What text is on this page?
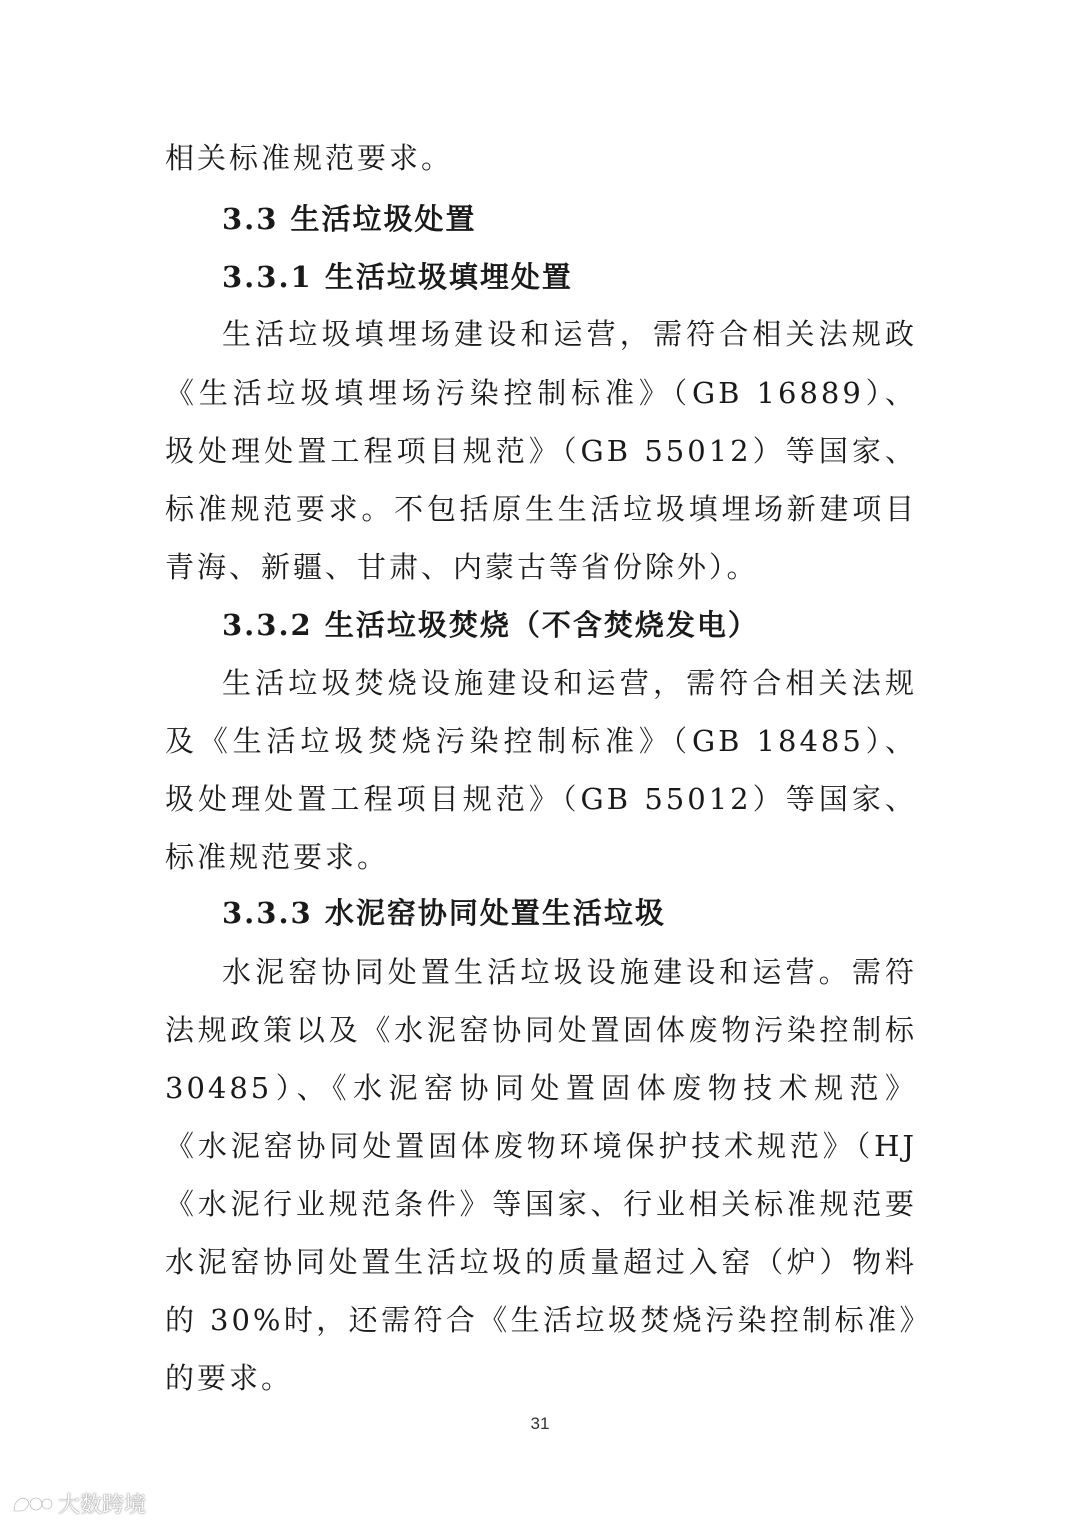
相关标准规范要求。
3.3 生活垃圾处置
3.3.1 生活垃圾填埋处置
生活垃圾填埋场建设和运营，需符合相关法规政
《生活垃圾填埋场污染控制标准》（GB 16889）、
圾处理处置工程项目规范》（GB 55012）等国家、
标准规范要求。不包括原生生活垃圾填埋场新建项目
青海、新疆、甘肃、内蒙古等省份除外）。
3.3.2 生活垃圾焚烧（不含焚烧发电）
生活垃圾焚烧设施建设和运营，需符合相关法规
及《生活垃圾焚烧污染控制标准》（GB 18485）、
圾处理处置工程项目规范》（GB 55012）等国家、
标准规范要求。
3.3.3 水泥窑协同处置生活垃圾
水泥窑协同处置生活垃圾设施建设和运营。需符
法规政策以及《水泥窑协同处置固体废物污染控制标
30485）、《水泥窑协同处置固体废物技术规范》
《水泥窑协同处置固体废物环境保护技术规范》（HJ
《水泥行业规范条件》等国家、行业相关标准规范要
水泥窑协同处置生活垃圾的质量超过入窑（炉）物料
的 30%时，还需符合《生活垃圾焚烧污染控制标准》
的要求。
31
大数跨境
